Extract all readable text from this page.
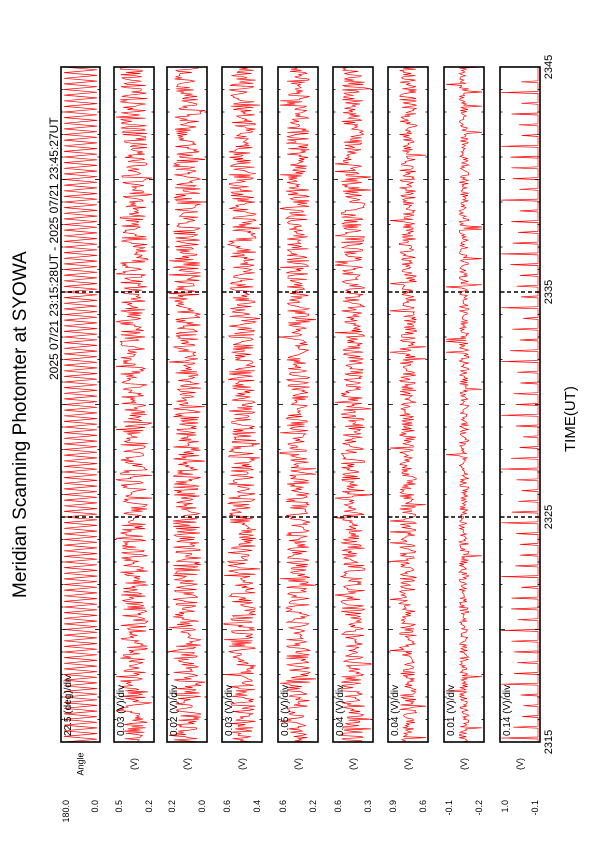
22.5 (deg)/div
180.0
Angle
0.0
0.03 (V)/div
0.5
(V)
0.2
0.02 (V)/div
0.2
(V)
0.0
0.03 (V)/div
0.6
(V)
0.4
0.05 (V)/div
0.6
(V)
0.2
0.04 (V)/div
0.6
(V)
0.3
0.04 (V)/div
0.9
(V)
0.6
0.01 (V)/div
-0.1
(V)
-0.2
0.14 (V)/div
1.0
(V)
-0.1
2315
2325
2335
2345
Meridian Scanning Photomter at SYOWA
2025 07/21 23:15:28UT - 2025 07/21 23:45:27UT
TIME(UT)
